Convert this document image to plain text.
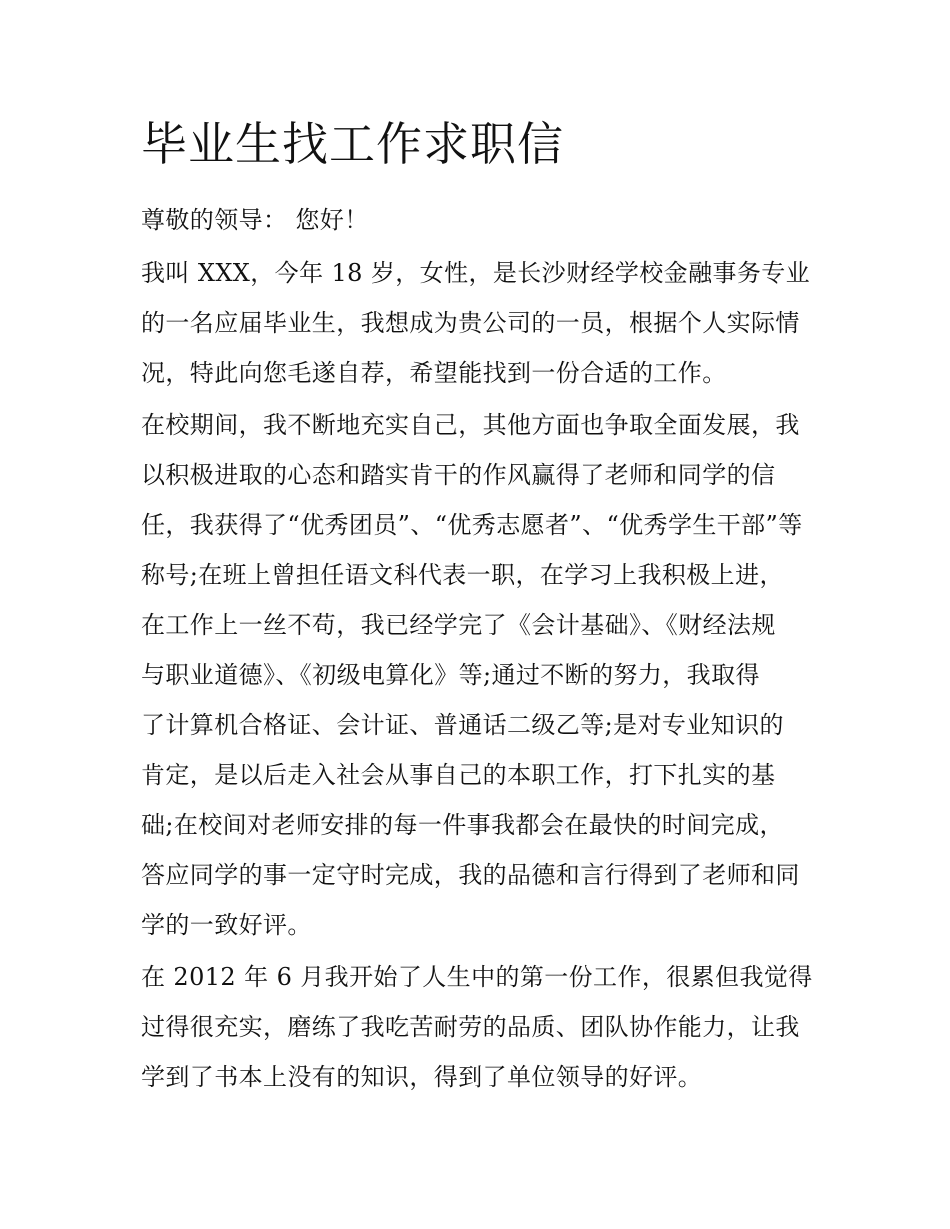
毕业生找工作求职信
尊敬的领导： 您好！
我叫 XXX，今年 18 岁，女性，是长沙财经学校金融事务专业
的一名应届毕业生，我想成为贵公司的一员，根据个人实际情
况，特此向您毛遂自荐，希望能找到一份合适的工作。
在校期间，我不断地充实自己，其他方面也争取全面发展，我
以积极进取的心态和踏实肯干的作风赢得了老师和同学的信
任，我获得了“优秀团员”、“优秀志愿者”、“优秀学生干部”等
称号;在班上曾担任语文科代表一职，在学习上我积极上进，
在工作上一丝不苟，我已经学完了《会计基础》、《财经法规
与职业道德》、《初级电算化》等;通过不断的努力，我取得
了计算机合格证、会计证、普通话二级乙等;是对专业知识的
肯定，是以后走入社会从事自己的本职工作，打下扎实的基
础;在校间对老师安排的每一件事我都会在最快的时间完成，
答应同学的事一定守时完成，我的品德和言行得到了老师和同
学的一致好评。
在 2012 年 6 月我开始了人生中的第一份工作，很累但我觉得
过得很充实，磨练了我吃苦耐劳的品质、团队协作能力，让我
学到了书本上没有的知识，得到了单位领导的好评。
